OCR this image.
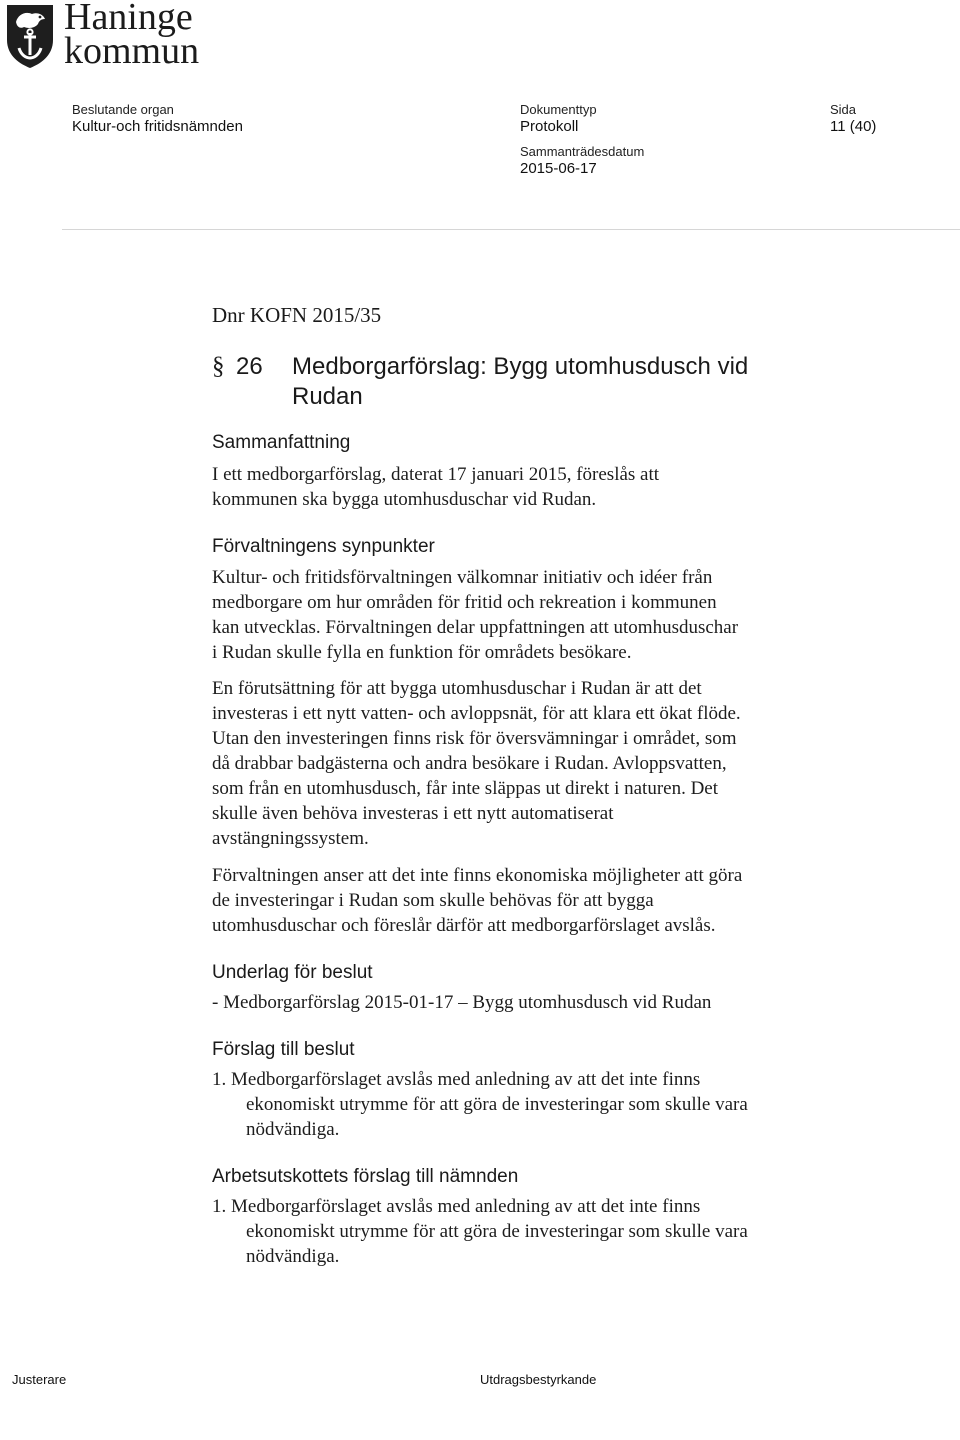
Haninge
kommun
Beslutande organ
Kultur-och fritidsnämnden
Dokumenttyp
Protokoll
Sida
11 (40)
Sammanträdesdatum
2015-06-17
Dnr KOFN 2015/35
§ 26 Medborgarförslag: Bygg utomhusdusch vid
Rudan
Sammanfattning
I ett medborgarförslag, daterat 17 januari 2015, föreslås att
kommunen ska bygga utomhusduschar vid Rudan.
Förvaltningens synpunkter
Kultur- och fritidsförvaltningen välkomnar initiativ och idéer från
medborgare om hur områden för fritid och rekreation i kommunen
kan utvecklas. Förvaltningen delar uppfattningen att utomhusduschar
i Rudan skulle fylla en funktion för områdets besökare.
En förutsättning för att bygga utomhusduschar i Rudan är att det
investeras i ett nytt vatten- och avloppsnät, för att klara ett ökat flöde.
Utan den investeringen finns risk för översvämningar i området, som
då drabbar badgästerna och andra besökare i Rudan. Avloppsvatten,
som från en utomhusdusch, får inte släppas ut direkt i naturen. Det
skulle även behöva investeras i ett nytt automatiserat
avstängningssystem.
Förvaltningen anser att det inte finns ekonomiska möjligheter att göra
de investeringar i Rudan som skulle behövas för att bygga
utomhusduschar och föreslår därför att medborgarförslaget avslås.
Underlag för beslut
- Medborgarförslag 2015-01-17 – Bygg utomhusdusch vid Rudan
Förslag till beslut
1. Medborgarförslaget avslås med anledning av att det inte finns
ekonomiskt utrymme för att göra de investeringar som skulle vara
nödvändiga.
Arbetsutskottets förslag till nämnden
1. Medborgarförslaget avslås med anledning av att det inte finns
ekonomiskt utrymme för att göra de investeringar som skulle vara
nödvändiga.
Justerare	Utdragsbestyrkande
